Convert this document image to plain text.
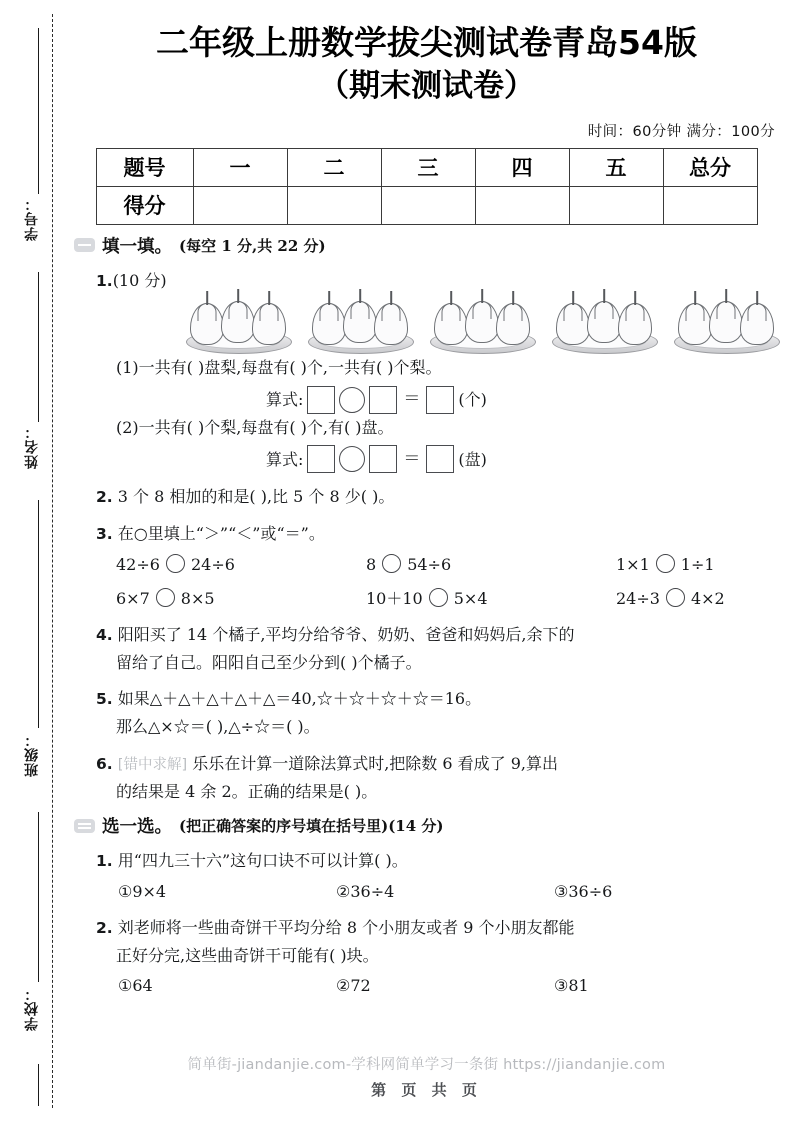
学号：
姓名：
班级：
学校：
二年级上册数学拔尖测试卷青岛54版
（期末测试卷）
时间：60分钟 满分：100分
题号	一	二	三	四	五	总分
得分						
填一填。 (每空 1 分,共 22 分)
1.(10 分)
(1)一共有( )盘梨,每盘有( )个,一共有( )个梨。
算式:	＝ (个)
(2)一共有( )个梨,每盘有( )个,有( )盘。
算式:	＝ (盘)
2. 3 个 8 相加的和是( ),比 5 个 8 少( )。
3. 在○里填上“＞”“＜”或“＝”。
42÷6 24÷6	8 54÷6	1×1 1÷1
6×7 8×5	10＋10 5×4	24÷3 4×2
4. 阳阳买了 14 个橘子,平均分给爷爷、奶奶、爸爸和妈妈后,余下的
留给了自己。阳阳自己至少分到( )个橘子。
5. 如果△＋△＋△＋△＋△＝40,☆＋☆＋☆＋☆＝16。
那么△×☆＝( ),△÷☆＝( )。
6. [错中求解] 乐乐在计算一道除法算式时,把除数 6 看成了 9,算出
的结果是 4 余 2。正确的结果是( )。
选一选。 (把正确答案的序号填在括号里)(14 分)
1. 用“四九三十六”这句口诀不可以计算( )。
①9×4	②36÷4	③36÷6
2. 刘老师将一些曲奇饼干平均分给 8 个小朋友或者 9 个小朋友都能
正好分完,这些曲奇饼干可能有( )块。
①64	②72	③81
简单街-jiandanjie.com-学科网简单学习一条街 https://jiandanjie.com
第 页 共 页
